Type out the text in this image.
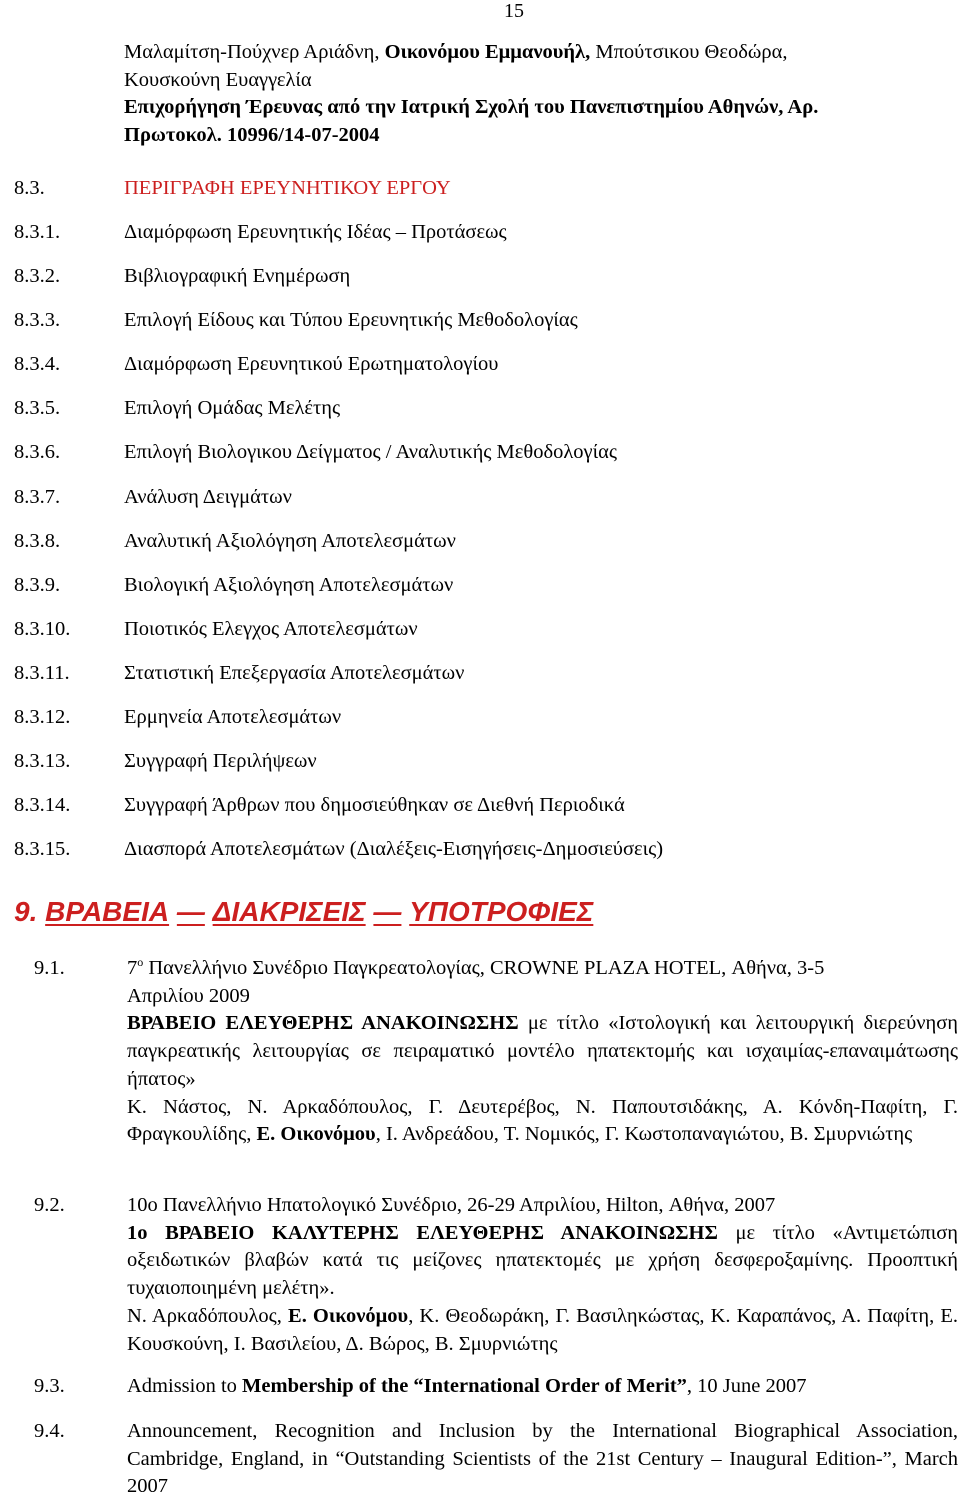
15

Μαλαμίτση-Πούχνερ Αριάδνη, Οικονόμου Εμμανουήλ, Μπούτσικου Θεοδώρα,

Κουσκούνη Ευαγγελία

Επιχορήγηση Έρευνας από την Ιατρική Σχολή του Πανεπιστημίου Αθηνών, Αρ.

Πρωτοκολ. 10996/14-07-2004

8.3.	ΠΕΡΙΓΡΑΦΗ ΕΡΕΥΝΗΤΙΚΟΥ ΕΡΓΟΥ
8.3.1.	Διαμόρφωση Ερευνητικής Ιδέας – Προτάσεως
8.3.2.	Βιβλιογραφική Ενημέρωση
8.3.3.	Επιλογή Είδους και Τύπου Ερευνητικής Μεθοδολογίας
8.3.4.	Διαμόρφωση Ερευνητικού Ερωτηματολογίου
8.3.5.	Επιλογή Ομάδας Μελέτης
8.3.6.	Επιλογή Βιολογικου Δείγματος / Αναλυτικής Μεθοδολογίας
8.3.7.	Ανάλυση Δειγμάτων
8.3.8.	Αναλυτική Αξιολόγηση Αποτελεσμάτων
8.3.9.	Βιολογική Αξιολόγηση Αποτελεσμάτων
8.3.10.	Ποιοτικός Ελεγχος Αποτελεσμάτων
8.3.11.	Στατιστική Επεξεργασία Αποτελεσμάτων
8.3.12.	Ερμηνεία Αποτελεσμάτων
8.3.13.	Συγγραφή Περιλήψεων
8.3.14.	Συγγραφή Άρθρων που δημοσιεύθηκαν σε Διεθνή Περιοδικά
8.3.15.	Διασπορά Αποτελεσμάτων (Διαλέξεις-Εισηγήσεις-Δημοσιεύσεις)
9. ΒΡΑΒΕΙΑ — ΔΙΑΚΡΙΣΕΙΣ — ΥΠΟΤΡΟΦΙΕΣ
9.1.	$7^o$ Πανελλήνιο Συνέδριο Παγκρεατολογίας, CROWNE PLAZA HOTEL, Αθήνα, 3-5

Απριλίου 2009

ΒΡΑΒΕΙΟ ΕΛΕΥΘΕΡΗΣ ΑΝΑΚΟΙΝΩΣΗΣ με τίτλο «Ιστολογική και λειτουργική διερεύνηση παγκρεατικής λειτουργίας σε πειραματικό μοντέλο ηπατεκτομής και ισχαιμίας-επαναιμάτωσης ήπατος»

Κ. Νάστος, Ν. Αρκαδόπουλος, Γ. Δευτερέβος, Ν. Παπουτσιδάκης, Α. Κόνδη-Παφίτη, Γ. Φραγκουλίδης, Ε. Οικονόμου, Ι. Ανδρεάδου, Τ. Νομικός, Γ. Κωστοπαναγιώτου, Β. Σμυρνιώτης

9.2.	10ο Πανελλήνιο Ηπατολογικό Συνέδριο, 26-29 Απριλίου, Hilton, Αθήνα, 2007

1ο ΒΡΑΒΕΙΟ ΚΑΛΥΤΕΡΗΣ ΕΛΕΥΘΕΡΗΣ ΑΝΑΚΟΙΝΩΣΗΣ με τίτλο «Αντιμετώπιση οξειδωτικών βλαβών κατά τις μείζονες ηπατεκτομές με χρήση δεσφεροξαμίνης. Προοπτική τυχαιοποιημένη μελέτη».

Ν. Αρκαδόπουλος, Ε. Οικονόμου, Κ. Θεοδωράκη, Γ. Βασιληκώστας, Κ. Καραπάνος, Α. Παφίτη, Ε. Κουσκούνη, Ι. Βασιλείου, Δ. Βώρος, Β. Σμυρνιώτης

9.3.	Admission to Membership of the “International Order of Merit”, 10 June 2007

9.4.	Announcement, Recognition and Inclusion by the International Biographical Association, Cambridge, England, in “Outstanding Scientists of the 21st Century – Inaugural Edition-”, March 2007
